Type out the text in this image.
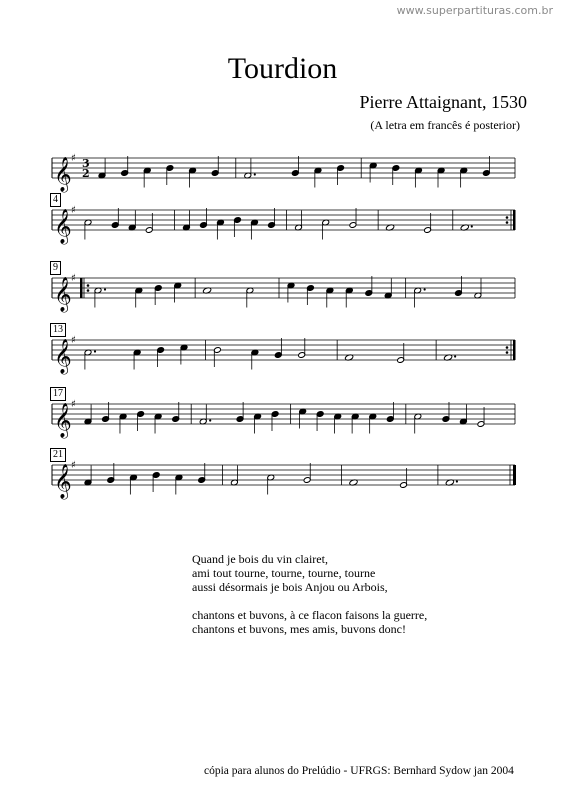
www.superpartituras.com.br
Tourdion
Pierre Attaignant, 1530
(A letra em francês é posterior)
𝄞 ♯ 3
2
𝄞 ♯
𝄞 ♯
𝄞 ♯
𝄞 ♯
𝄞 ♯
4
9
13
17
21

Quand je bois du vin clairet,
ami tout tourne, tourne, tourne, tourne
aussi désormais je bois Anjou ou Arbois,

chantons et buvons, à ce flacon faisons la guerre,
chantons et buvons, mes amis, buvons donc!

cópia para alunos do Prelúdio - UFRGS: Bernhard Sydow jan 2004
